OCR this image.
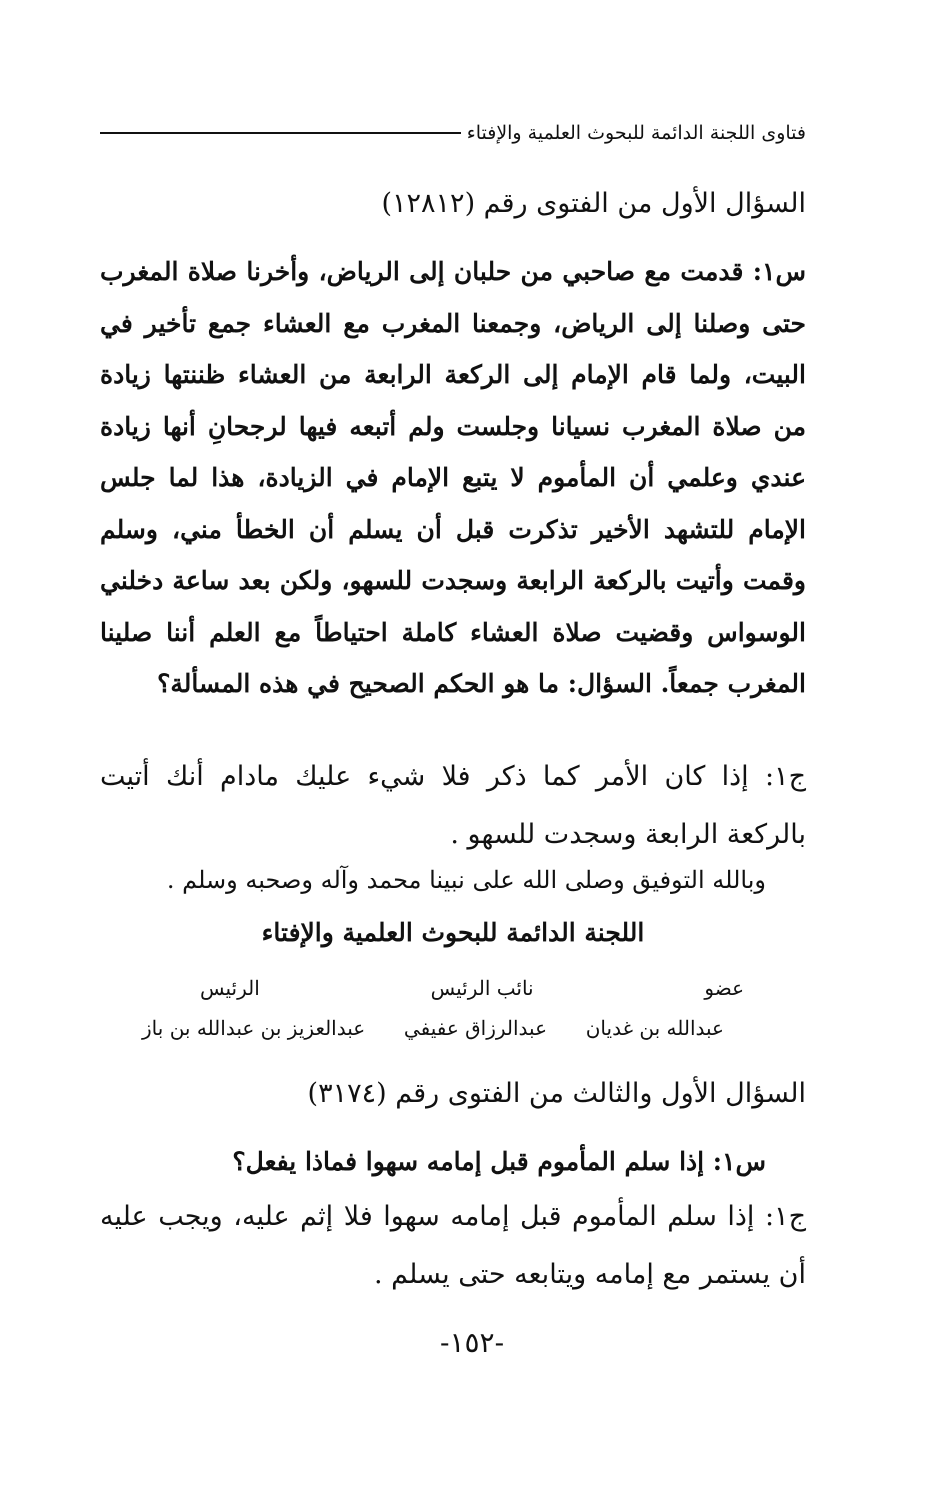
فتاوى اللجنة الدائمة للبحوث العلمية والإفتاء
السؤال الأول من الفتوى رقم (١٢٨١٢)
س١: قدمت مع صاحبي من حلبان إلى الرياض، وأخرنا صلاة المغرب حتى وصلنا إلى الرياض، وجمعنا المغرب مع العشاء جمع تأخير في البيت، ولما قام الإمام إلى الركعة الرابعة من العشاء ظننتها زيادة من صلاة المغرب نسيانا وجلست ولم أتبعه فيها لرجحانِ أنها زيادة عندي وعلمي أن المأموم لا يتبع الإمام في الزيادة، هذا لما جلس الإمام للتشهد الأخير تذكرت قبل أن يسلم أن الخطأ مني، وسلم وقمت وأتيت بالركعة الرابعة وسجدت للسهو، ولكن بعد ساعة دخلني الوسواس وقضيت صلاة العشاء كاملة احتياطاً مع العلم أننا صلينا المغرب جمعاً. السؤال: ما هو الحكم الصحيح في هذه المسألة؟
ج١: إذا كان الأمر كما ذكر فلا شيء عليك مادام أنك أتيت بالركعة الرابعة وسجدت للسهو .
وبالله التوفيق وصلى الله على نبينا محمد وآله وصحبه وسلم .
اللجنة الدائمة للبحوث العلمية والإفتاء
عضو
نائب الرئيس
الرئيس
عبدالله بن غديان
عبدالرزاق عفيفي
عبدالعزيز بن عبدالله بن باز
السؤال الأول والثالث من الفتوى رقم (٣١٧٤)
س١: إذا سلم المأموم قبل إمامه سهوا فماذا يفعل؟
ج١: إذا سلم المأموم قبل إمامه سهوا فلا إثم عليه، ويجب عليه أن يستمر مع إمامه ويتابعه حتى يسلم .
-١٥٢-
